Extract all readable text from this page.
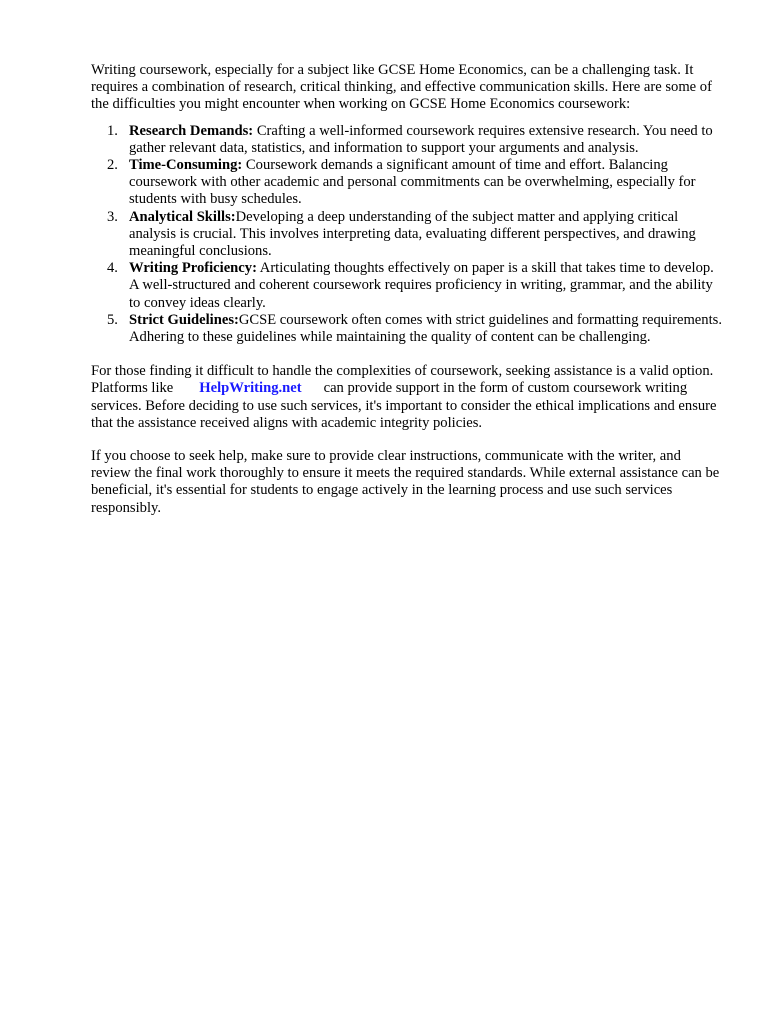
Writing coursework, especially for a subject like GCSE Home Economics, can be a challenging task. It requires a combination of research, critical thinking, and effective communication skills. Here are some of the difficulties you might encounter when working on GCSE Home Economics coursework:

1. Research Demands: Crafting a well-informed coursework requires extensive research. You need to gather relevant data, statistics, and information to support your arguments and analysis.
2. Time-Consuming: Coursework demands a significant amount of time and effort. Balancing coursework with other academic and personal commitments can be overwhelming, especially for students with busy schedules.
3. Analytical Skills:Developing a deep understanding of the subject matter and applying critical analysis is crucial. This involves interpreting data, evaluating different perspectives, and drawing meaningful conclusions.
4. Writing Proficiency: Articulating thoughts effectively on paper is a skill that takes time to develop. A well-structured and coherent coursework requires proficiency in writing, grammar, and the ability to convey ideas clearly.
5. Strict Guidelines:GCSE coursework often comes with strict guidelines and formatting requirements. Adhering to these guidelines while maintaining the quality of content can be challenging.

For those finding it difficult to handle the complexities of coursework, seeking assistance is a valid option. Platforms like HelpWriting.net can provide support in the form of custom coursework writing services. Before deciding to use such services, it's important to consider the ethical implications and ensure that the assistance received aligns with academic integrity policies.

If you choose to seek help, make sure to provide clear instructions, communicate with the writer, and review the final work thoroughly to ensure it meets the required standards. While external assistance can be beneficial, it's essential for students to engage actively in the learning process and use such services responsibly.
